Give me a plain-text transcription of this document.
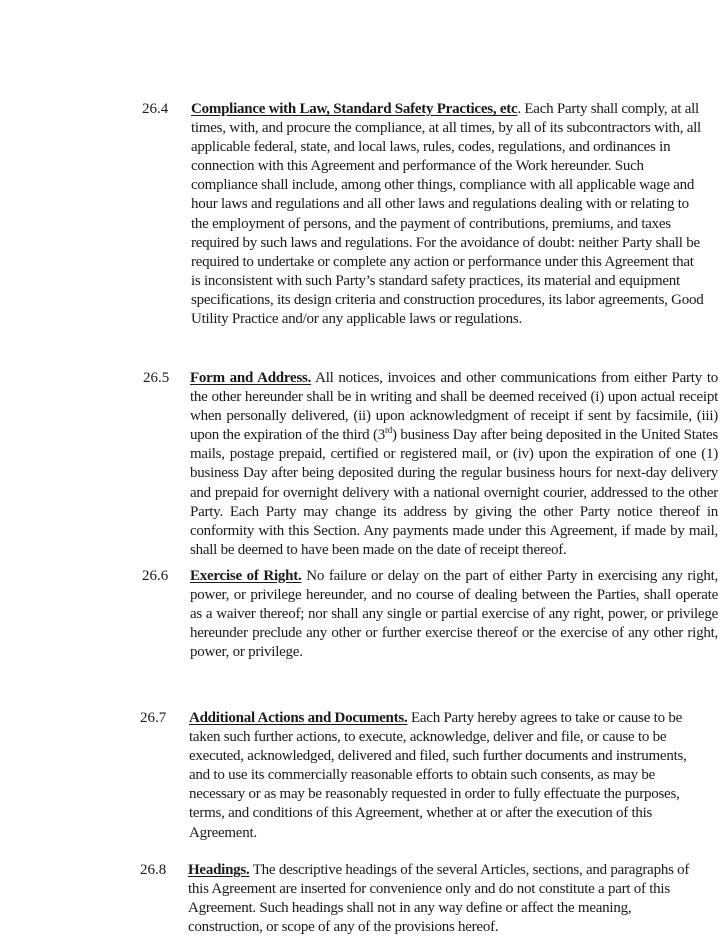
26.4 Compliance with Law, Standard Safety Practices, etc. Each Party shall comply, at all times, with, and procure the compliance, at all times, by all of its subcontractors with, all applicable federal, state, and local laws, rules, codes, regulations, and ordinances in connection with this Agreement and performance of the Work hereunder. Such compliance shall include, among other things, compliance with all applicable wage and hour laws and regulations and all other laws and regulations dealing with or relating to the employment of persons, and the payment of contributions, premiums, and taxes required by such laws and regulations. For the avoidance of doubt: neither Party shall be required to undertake or complete any action or performance under this Agreement that is inconsistent with such Party’s standard safety practices, its material and equipment specifications, its design criteria and construction procedures, its labor agreements, Good Utility Practice and/or any applicable laws or regulations.
26.5 Form and Address. All notices, invoices and other communications from either Party to the other hereunder shall be in writing and shall be deemed received (i) upon actual receipt when personally delivered, (ii) upon acknowledgment of receipt if sent by facsimile, (iii) upon the expiration of the third (3rd) business Day after being deposited in the United States mails, postage prepaid, certified or registered mail, or (iv) upon the expiration of one (1) business Day after being deposited during the regular business hours for next-day delivery and prepaid for overnight delivery with a national overnight courier, addressed to the other Party. Each Party may change its address by giving the other Party notice thereof in conformity with this Section. Any payments made under this Agreement, if made by mail, shall be deemed to have been made on the date of receipt thereof.
26.6 Exercise of Right. No failure or delay on the part of either Party in exercising any right, power, or privilege hereunder, and no course of dealing between the Parties, shall operate as a waiver thereof; nor shall any single or partial exercise of any right, power, or privilege hereunder preclude any other or further exercise thereof or the exercise of any other right, power, or privilege.
26.7 Additional Actions and Documents. Each Party hereby agrees to take or cause to be taken such further actions, to execute, acknowledge, deliver and file, or cause to be executed, acknowledged, delivered and filed, such further documents and instruments, and to use its commercially reasonable efforts to obtain such consents, as may be necessary or as may be reasonably requested in order to fully effectuate the purposes, terms, and conditions of this Agreement, whether at or after the execution of this Agreement.
26.8 Headings. The descriptive headings of the several Articles, sections, and paragraphs of this Agreement are inserted for convenience only and do not constitute a part of this Agreement. Such headings shall not in any way define or affect the meaning, construction, or scope of any of the provisions hereof.
